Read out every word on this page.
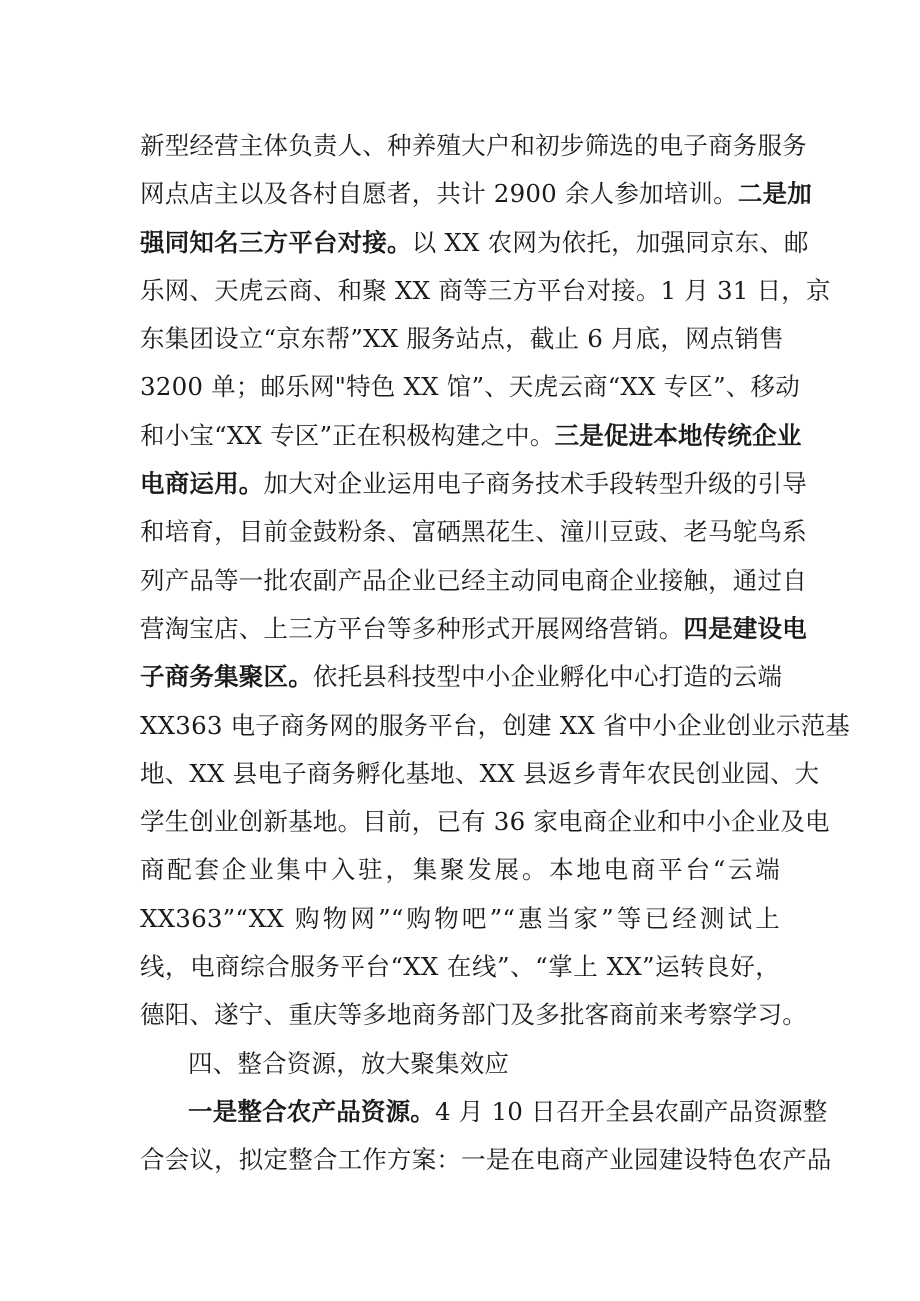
新型经营主体负责人、种养殖大户和初步筛选的电子商务服务
网点店主以及各村自愿者，共计 2900 余人参加培训。二是加
强同知名三方平台对接。以 XX 农网为依托，加强同京东、邮
乐网、天虎云商、和聚 XX 商等三方平台对接。1 月 31 日，京
东集团设立“京东帮”XX 服务站点，截止 6 月底，网点销售
3200 单；邮乐网"特色 XX 馆”、天虎云商“XX 专区”、移动
和小宝“XX 专区”正在积极构建之中。三是促进本地传统企业
电商运用。加大对企业运用电子商务技术手段转型升级的引导
和培育，目前金鼓粉条、富硒黑花生、潼川豆豉、老马鸵鸟系
列产品等一批农副产品企业已经主动同电商企业接触，通过自
营淘宝店、上三方平台等多种形式开展网络营销。四是建设电
子商务集聚区。依托县科技型中小企业孵化中心打造的云端
XX363 电子商务网的服务平台，创建 XX 省中小企业创业示范基
地、XX 县电子商务孵化基地、XX 县返乡青年农民创业园、大
学生创业创新基地。目前，已有 36 家电商企业和中小企业及电
商配套企业集中入驻，集聚发展。本地电商平台“云端
XX363”“XX 购物网”“购物吧”“惠当家”等已经测试上
线，电商综合服务平台“XX 在线”、“掌上 XX”运转良好，
德阳、遂宁、重庆等多地商务部门及多批客商前来考察学习。
四、整合资源，放大聚集效应
一是整合农产品资源。4 月 10 日召开全县农副产品资源整
合会议，拟定整合工作方案：一是在电商产业园建设特色农产品
